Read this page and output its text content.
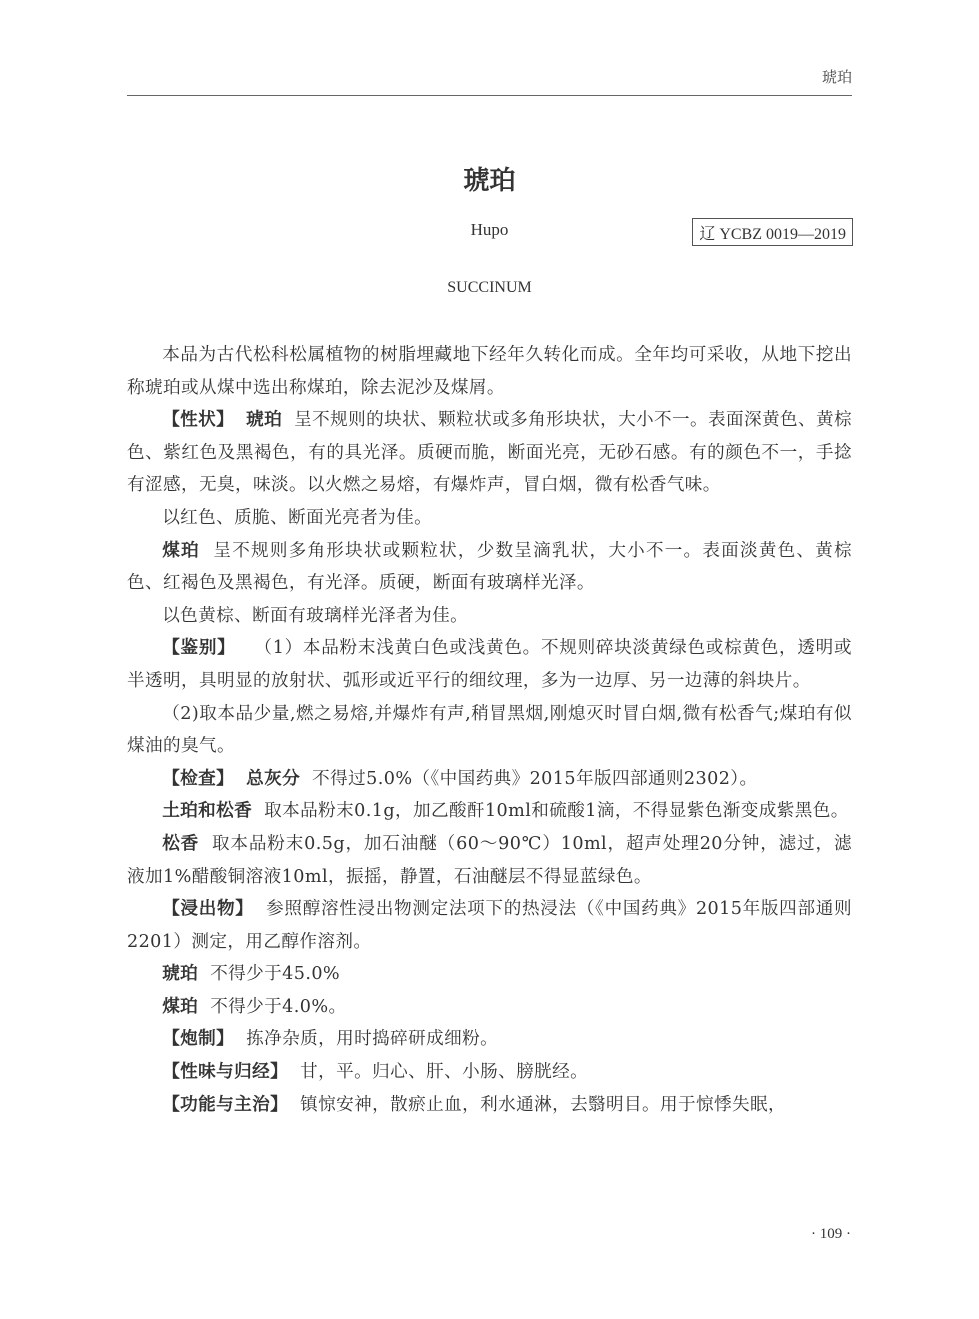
琥珀
琥珀
Hupo	辽 YCBZ 0019—2019
SUCCINUM

本品为古代松科松属植物的树脂埋藏地下经年久转化而成。全年均可采收，从地下挖出称琥珀或从煤中选出称煤珀，除去泥沙及煤屑。

【性状】 琥珀 呈不规则的块状、颗粒状或多角形块状，大小不一。表面深黄色、黄棕色、紫红色及黑褐色，有的具光泽。质硬而脆，断面光亮，无砂石感。有的颜色不一，手捻有涩感，无臭，味淡。以火燃之易熔，有爆炸声，冒白烟，微有松香气味。

以红色、质脆、断面光亮者为佳。

煤珀 呈不规则多角形块状或颗粒状，少数呈滴乳状，大小不一。表面淡黄色、黄棕色、红褐色及黑褐色，有光泽。质硬，断面有玻璃样光泽。

以色黄棕、断面有玻璃样光泽者为佳。

【鉴别】 （1）本品粉末浅黄白色或浅黄色。不规则碎块淡黄绿色或棕黄色，透明或半透明，具明显的放射状、弧形或近平行的细纹理，多为一边厚、另一边薄的斜块片。

（2)取本品少量,燃之易熔,并爆炸有声,稍冒黑烟,刚熄灭时冒白烟,微有松香气;煤珀有似煤油的臭气。

【检查】 总灰分 不得过5.0%（《中国药典》2015年版四部通则2302）。

土珀和松香 取本品粉末0.1g，加乙酸酐10ml和硫酸1滴，不得显紫色渐变成紫黑色。

松香 取本品粉末0.5g，加石油醚（60～90℃）10ml，超声处理20分钟，滤过，滤液加1%醋酸铜溶液10ml，振摇，静置，石油醚层不得显蓝绿色。

【浸出物】 参照醇溶性浸出物测定法项下的热浸法（《中国药典》2015年版四部通则2201）测定，用乙醇作溶剂。

琥珀 不得少于45.0%

煤珀 不得少于4.0%。

【炮制】 拣净杂质，用时捣碎研成细粉。

【性味与归经】 甘，平。归心、肝、小肠、膀胱经。

【功能与主治】 镇惊安神，散瘀止血，利水通淋，去翳明目。用于惊悸失眠，

· 109 ·
